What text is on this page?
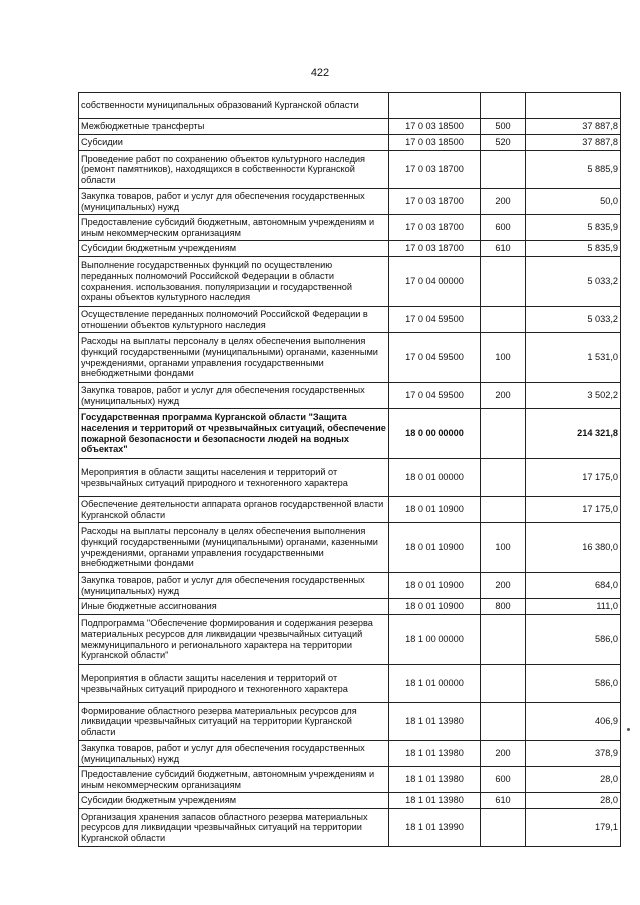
422
собственности муниципальных образований Курганской области			
Межбюджетные трансферты	17 0 03 18500	500	37 887,8
Субсидии	17 0 03 18500	520	37 887,8
Проведение работ по сохранению объектов культурного наследия (ремонт памятников), находящихся в собственности Курганской области	17 0 03 18700		5 885,9
Закупка товаров, работ и услуг для обеспечения государственных (муниципальных) нужд	17 0 03 18700	200	50,0
Предоставление субсидий бюджетным, автономным учреждениям и иным некоммерческим организациям	17 0 03 18700	600	5 835,9
Субсидии бюджетным учреждениям	17 0 03 18700	610	5 835,9
Выполнение государственных функций по осуществлению переданных полномочий Российской Федерации в области сохранения. использования. популяризации и государственной охраны объектов культурного наследия	17 0 04 00000		5 033,2
Осуществление переданных полномочий Российской Федерации в отношении объектов культурного наследия	17 0 04 59500		5 033,2
Расходы на выплаты персоналу в целях обеспечения выполнения функций государственными (муниципальными) органами, казенными учреждениями, органами управления государственными внебюджетными фондами	17 0 04 59500	100	1 531,0
Закупка товаров, работ и услуг для обеспечения государственных (муниципальных) нужд	17 0 04 59500	200	3 502,2
Государственная программа Курганской области "Защита населения и территорий от чрезвычайных ситуаций, обеспечение пожарной безопасности и безопасности людей на водных объектах"	18 0 00 00000		214 321,8
Мероприятия в области защиты населения и территорий от чрезвычайных ситуаций природного и техногенного характера	18 0 01 00000		17 175,0
Обеспечение деятельности аппарата органов государственной власти Курганской области	18 0 01 10900		17 175,0
Расходы на выплаты персоналу в целях обеспечения выполнения функций государственными (муниципальными) органами, казенными учреждениями, органами управления государственными внебюджетными фондами	18 0 01 10900	100	16 380,0
Закупка товаров, работ и услуг для обеспечения государственных (муниципальных) нужд	18 0 01 10900	200	684,0
Иные бюджетные ассигнования	18 0 01 10900	800	111,0
Подпрограмма "Обеспечение формирования и содержания резерва материальных ресурсов для ликвидации чрезвычайных ситуаций межмуниципального и регионального характера на территории Курганской области"	18 1 00 00000		586,0
Мероприятия в области защиты населения и территорий от чрезвычайных ситуаций природного и техногенного характера	18 1 01 00000		586,0
Формирование областного резерва материальных ресурсов для ликвидации чрезвычайных ситуаций на территории Курганской области	18 1 01 13980		406,9
Закупка товаров, работ и услуг для обеспечения государственных (муниципальных) нужд	18 1 01 13980	200	378,9
Предоставление субсидий бюджетным, автономным учреждениям и иным некоммерческим организациям	18 1 01 13980	600	28,0
Субсидии бюджетным учреждениям	18 1 01 13980	610	28,0
Организация хранения запасов областного резерва материальных ресурсов для ликвидации чрезвычайных ситуаций на территории Курганской области	18 1 01 13990		179,1
